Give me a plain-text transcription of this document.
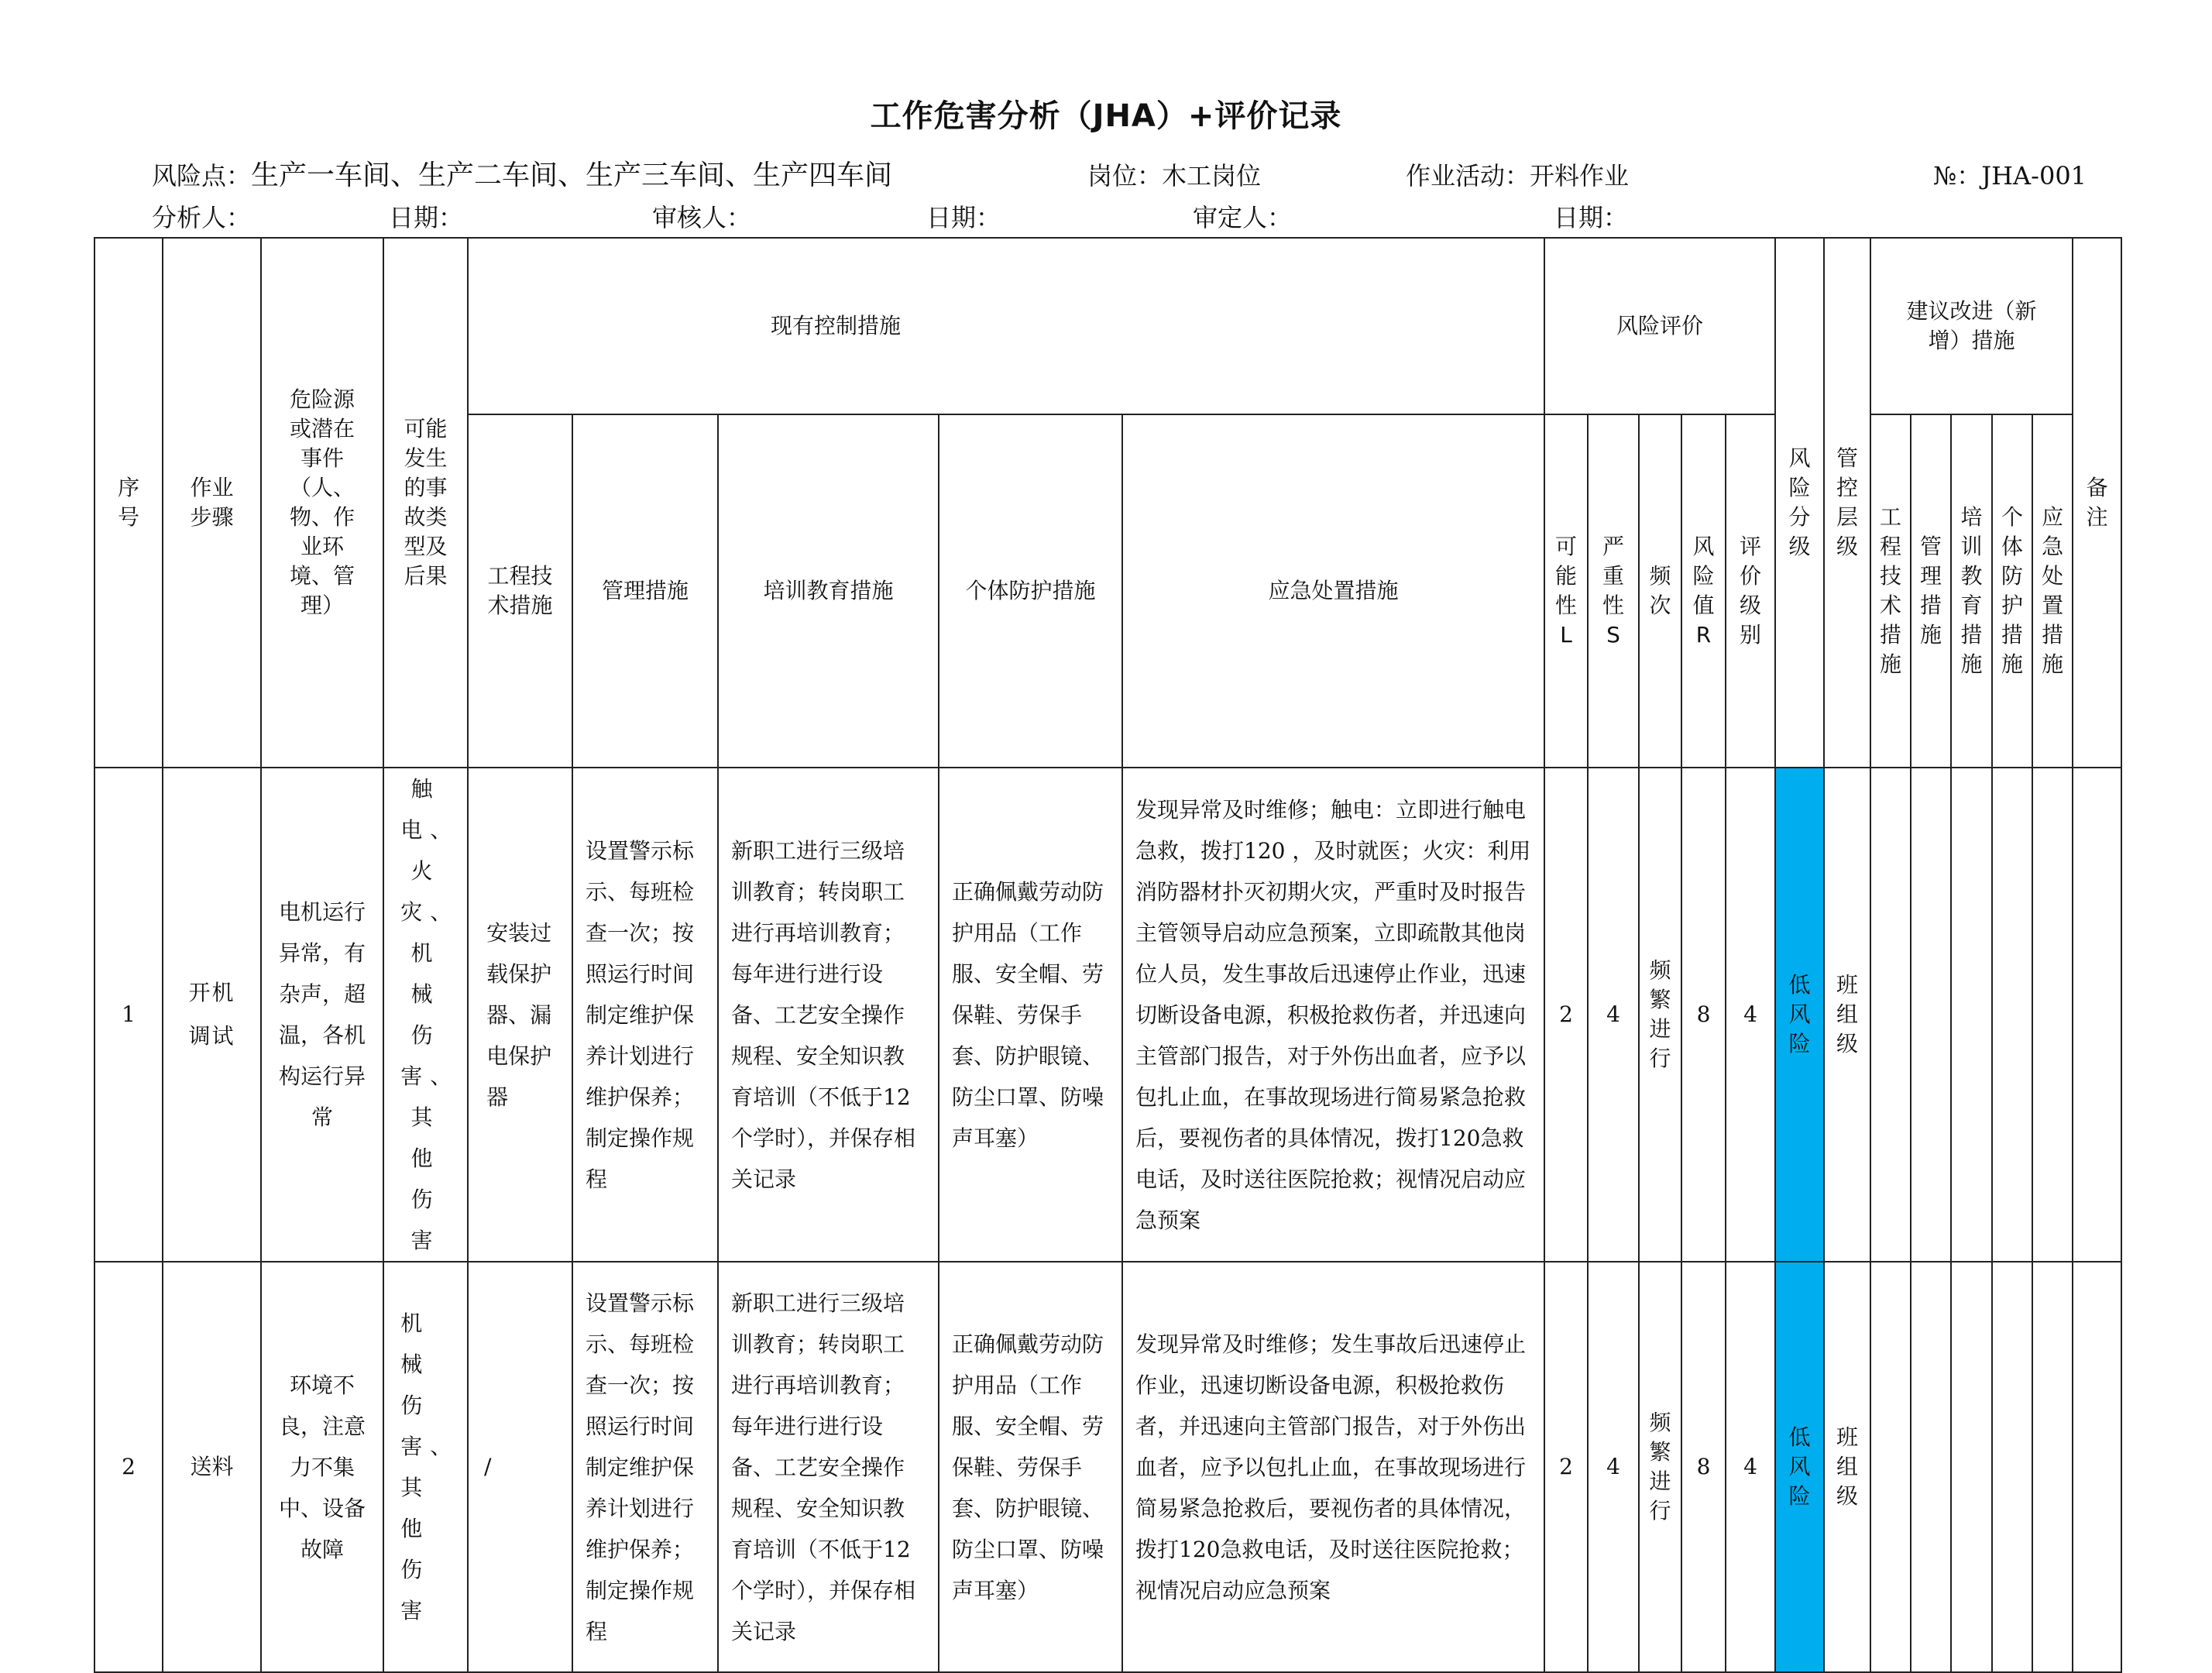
工作危害分析（JHA）+评价记录
风险点：生产一车间、生产二车间、生产三车间、生产四车间	岗位：木工岗位	作业活动：开料作业	№：JHA-001
分析人：	日期：	审核人：	日期：	审定人：	日期：
序号	作业步骤	危险源或潜在事件（人、物、作业环境、管理）	可能发生的事故类型及后果	现有控制措施					风险评价					风险分级	管控层级	建议改进（新增）措施					备注
				工程技术措施	管理措施	培训教育措施	个体防护措施	应急处置措施	可能性L	严重性S	频次	风险值R	评价级别			工程技术措施	管理措施	培训教育措施	个体防护措施	应急处置措施	
1	开机调试	电机运行异常，有杂声，超温，各机构运行异常	触电、火灾、机械伤害、其他伤害	安装过载保护器、漏电保护器	设置警示标示、每班检查一次；按照运行时间制定维护保养计划进行维护保养；制定操作规程	新职工进行三级培训教育；转岗职工进行再培训教育；每年进行进行设备、工艺安全操作规程、安全知识教育培训（不低于12个学时），并保存相关记录	正确佩戴劳动防护用品（工作服、安全帽、劳保鞋、劳保手套、防护眼镜、防尘口罩、防噪声耳塞）	发现异常及时维修；触电：立即进行触电急救，拨打120 ，及时就医；火灾：利用消防器材扑灭初期火灾，严重时及时报告主管领导启动应急预案，立即疏散其他岗位人员，发生事故后迅速停止作业，迅速切断设备电源，积极抢救伤者，并迅速向主管部门报告，对于外伤出血者，应予以包扎止血，在事故现场进行简易紧急抢救后，要视伤者的具体情况，拨打120急救电话，及时送往医院抢救；视情况启动应急预案	2	4	频繁进行	8	4	低风险	班组级						
2	送料	环境不良，注意力不集中、设备故障	机械伤害、其他伤害	/	设置警示标示、每班检查一次；按照运行时间制定维护保养计划进行维护保养；制定操作规程	新职工进行三级培训教育；转岗职工进行再培训教育；每年进行进行设备、工艺安全操作规程、安全知识教育培训（不低于12个学时），并保存相关记录	正确佩戴劳动防护用品（工作服、安全帽、劳保鞋、劳保手套、防护眼镜、防尘口罩、防噪声耳塞）	发现异常及时维修；发生事故后迅速停止作业，迅速切断设备电源，积极抢救伤者，并迅速向主管部门报告，对于外伤出血者，应予以包扎止血，在事故现场进行简易紧急抢救后，要视伤者的具体情况，拨打120急救电话，及时送往医院抢救；视情况启动应急预案	2	4	频繁进行	8	4	低风险	班组级						
